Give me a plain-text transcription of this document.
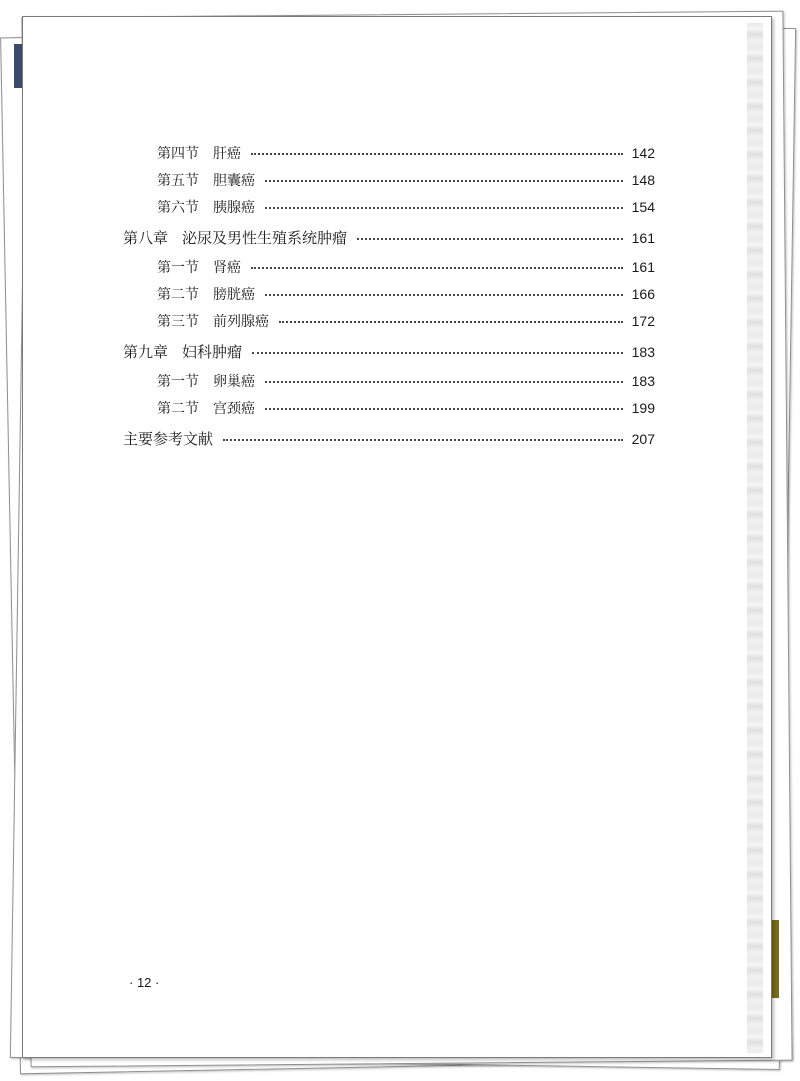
第四节 肝癌	142
第五节 胆囊癌	148
第六节 胰腺癌	154
第八章 泌尿及男性生殖系统肿瘤	161
第一节 肾癌	161
第二节 膀胱癌	166
第三节 前列腺癌	172
第九章 妇科肿瘤	183
第一节 卵巢癌	183
第二节 宫颈癌	199
主要参考文献	207
· 12 ·
